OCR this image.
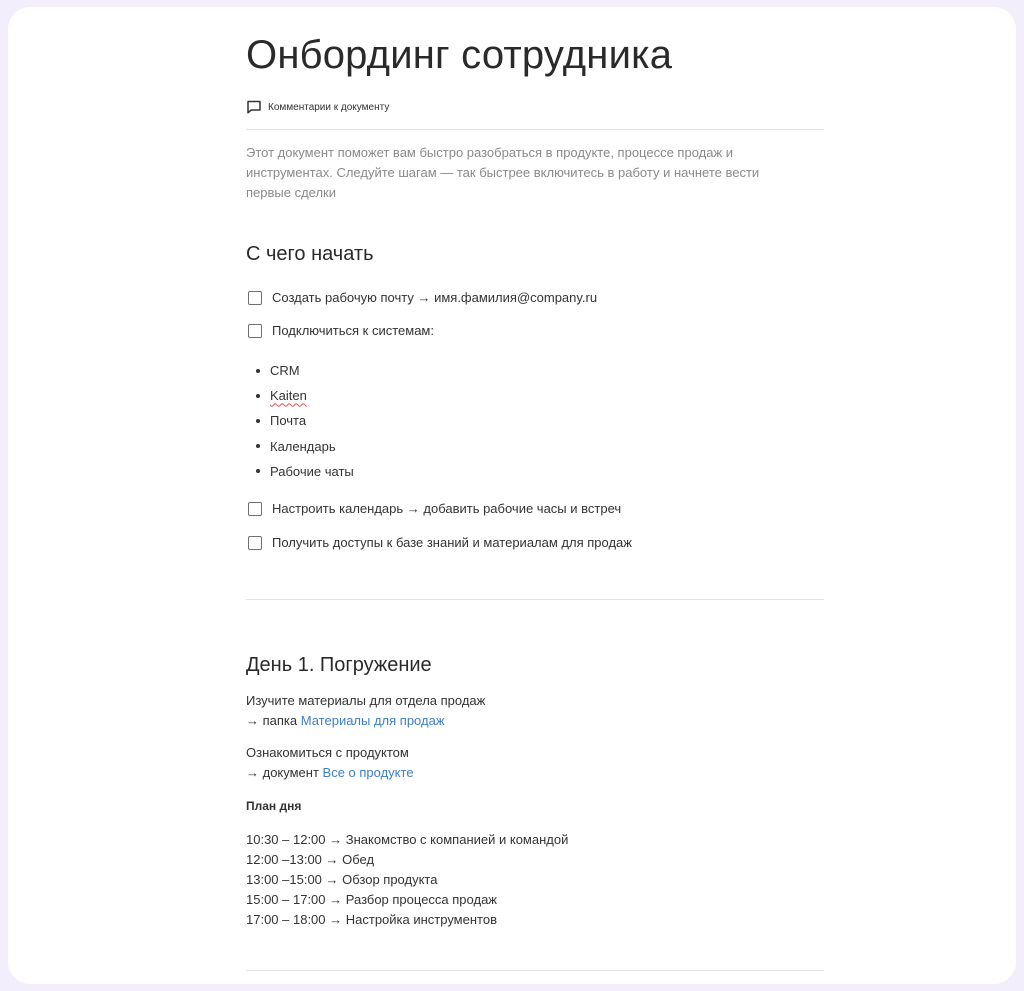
Онбординг сотрудника
Комментарии к документу

Этот документ поможет вам быстро разобраться в продукте, процессе продаж и инструментах. Следуйте шагам — так быстрее включитесь в работу и начнете вести первые сделки

С чего начать
Создать рабочую почту → имя.фамилия@company.ru
Подключиться к системам:
CRM
Kaiten
Почта
Календарь
Рабочие чаты
Настроить календарь → добавить рабочие часы и встреч
Получить доступы к базе знаний и материалам для продаж
День 1. Погружение

Изучите материалы для отдела продаж
→ папка Материалы для продаж

Ознакомиться с продуктом
→ документ Все о продукте

План дня

10:30 – 12:00 → Знакомство с компанией и командой
12:00 –13:00 → Обед
13:00 –15:00 → Обзор продукта
15:00 – 17:00 → Разбор процесса продаж
17:00 – 18:00 → Настройка инструментов
